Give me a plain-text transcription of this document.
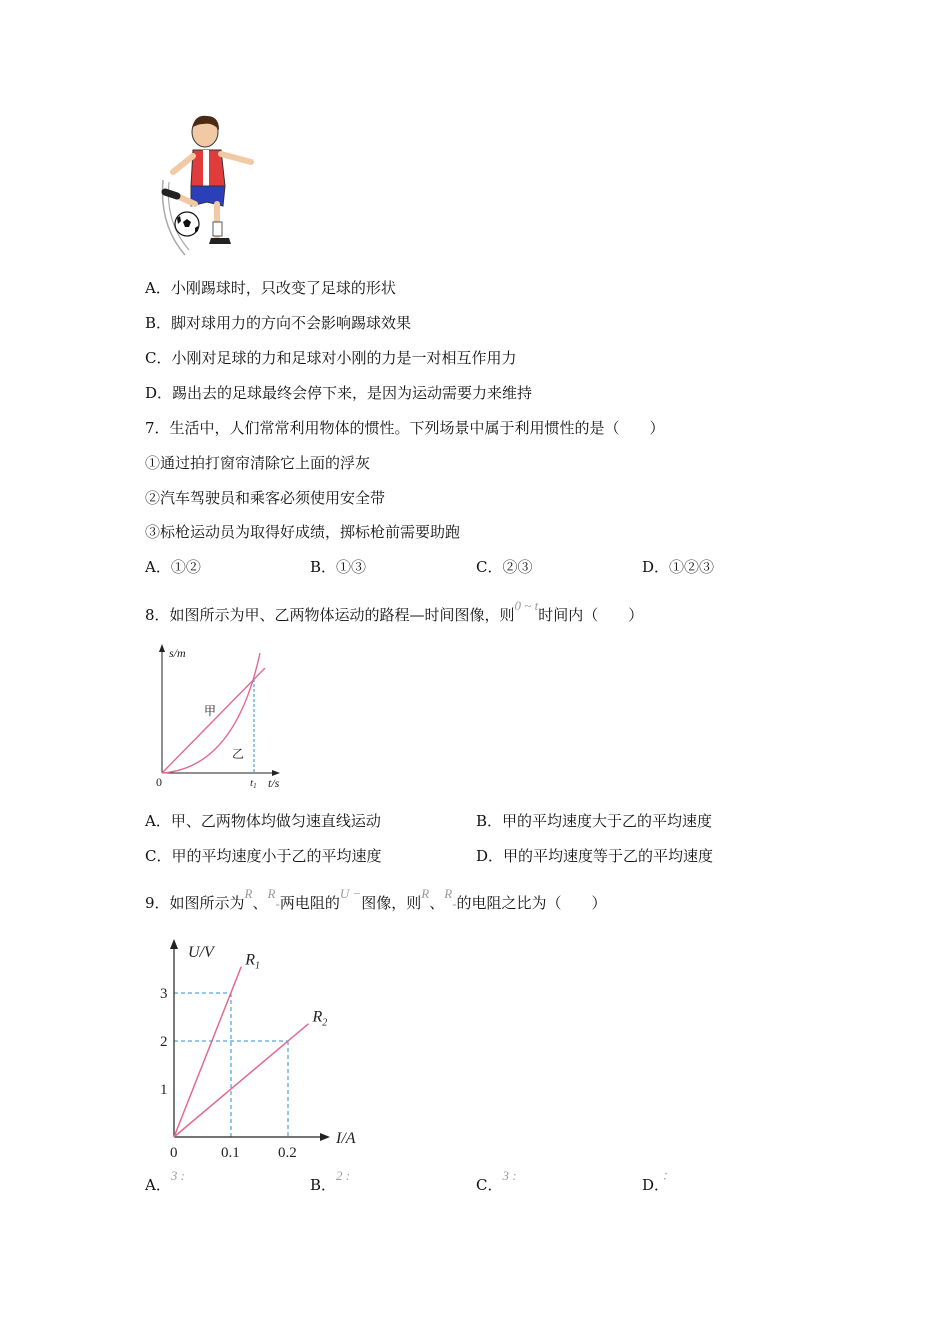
A．小刚踢球时，只改变了足球的形状
B．脚对球用力的方向不会影响踢球效果
C．小刚对足球的力和足球对小刚的力是一对相互作用力
D．踢出去的足球最终会停下来，是因为运动需要力来维持
7．生活中，人们常常利用物体的惯性。下列场景中属于利用惯性的是（　　）
①通过拍打窗帘清除它上面的浮灰
②汽车驾驶员和乘客必须使用安全带
③标枪运动员为取得好成绩，掷标枪前需要助跑
A．①②	B．①③	C．②③	D．①②③
8．如图所示为甲、乙两物体运动的路程—时间图像，则0 ~ t时间内（　　）
s/m
t/s
0	t1
甲
乙
A．甲、乙两物体均做匀速直线运动	B．甲的平均速度大于乙的平均速度
C．甲的平均速度小于乙的平均速度	D．甲的平均速度等于乙的平均速度
9．如图所示为R、R-两电阻的U −图像，则R、R-的电阻之比为（　　）
U/V
I/A
0	0.1	0.2
1
2
3
$R_1$
$R_2$
A．3 :
B．2 :
C．3 :
D．：
